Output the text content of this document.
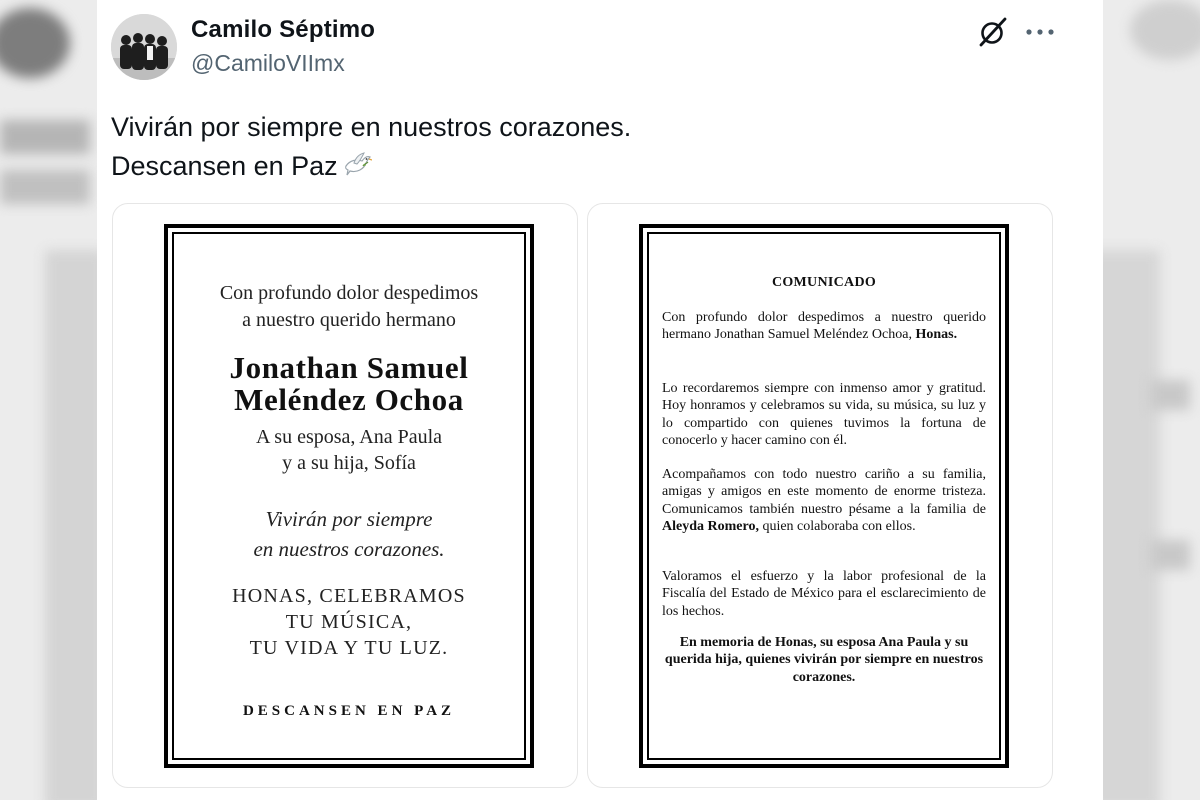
Camilo Séptimo
@CamiloVIImx
Vivirán por siempre en nuestros corazones.
Descansen en Paz
Con profundo dolor despedimos
a nuestro querido hermano
Jonathan Samuel
Meléndez Ochoa
A su esposa, Ana Paula
y a su hija, Sofía
Vivirán por siempre
en nuestros corazones.
HONAS, CELEBRAMOS
TU MÚSICA,
TU VIDA Y TU LUZ.
DESCANSEN EN PAZ
COMUNICADO
Con profundo dolor despedimos a nuestro querido hermano Jonathan Samuel Meléndez Ochoa, Honas.
Lo recordaremos siempre con inmenso amor y gratitud. Hoy honramos y celebramos su vida, su música, su luz y lo compartido con quienes tuvimos la fortuna de conocerlo y hacer camino con él.
Acompañamos con todo nuestro cariño a su familia, amigas y amigos en este momento de enorme tristeza. Comunicamos también nuestro pésame a la familia de Aleyda Romero, quien colaboraba con ellos.
Valoramos el esfuerzo y la labor profesional de la Fiscalía del Estado de México para el esclarecimiento de los hechos.
En memoria de Honas, su esposa Ana Paula y su querida hija, quienes vivirán por siempre en nuestros corazones.
